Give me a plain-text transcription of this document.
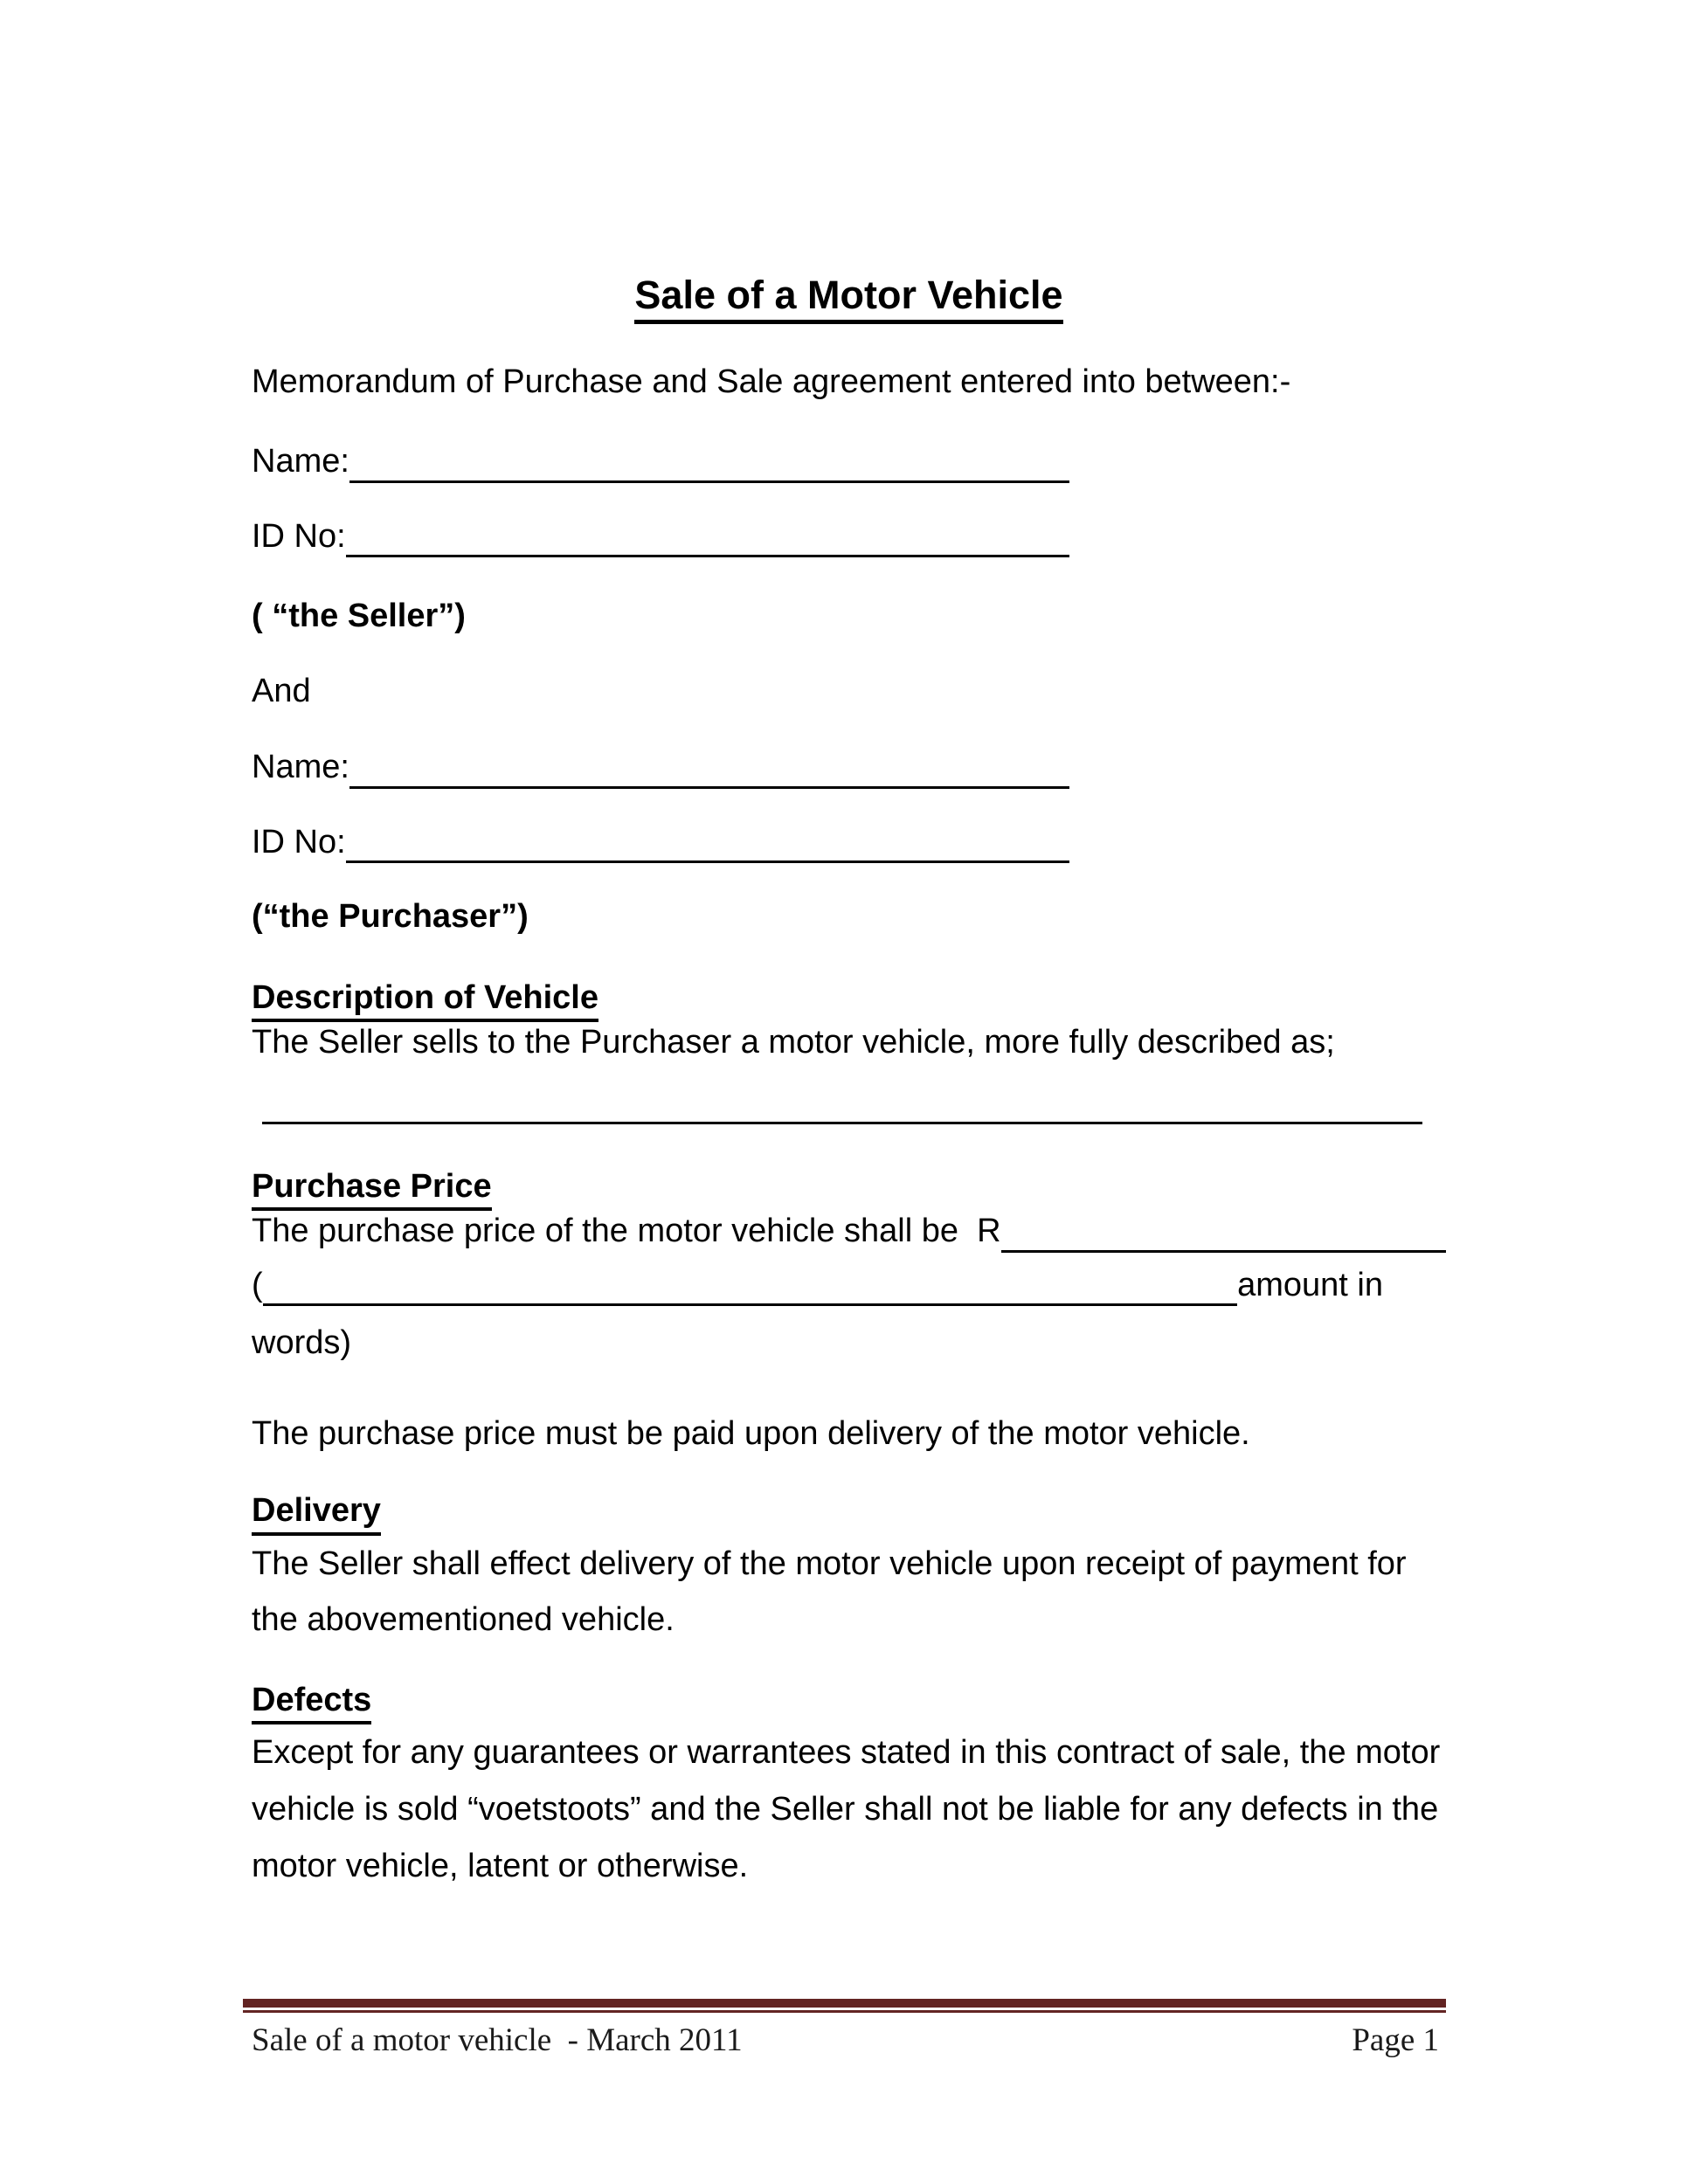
Sale of a Motor Vehicle

Memorandum of Purchase and Sale agreement entered into between:-

Name:
ID No:

( “the Seller”)

And

Name:
ID No:

(“the Purchaser”)

Description of Vehicle

The Seller sells to the Purchaser a motor vehicle, more fully described as;

Purchase Price

The purchase price of the motor vehicle shall be  R
(	amount in

words)

The purchase price must be paid upon delivery of the motor vehicle.

Delivery

The Seller shall effect delivery of the motor vehicle upon receipt of payment for
the abovementioned vehicle.

Defects

Except for any guarantees or warrantees stated in this contract of sale, the motor
vehicle is sold “voetstoots” and the Seller shall not be liable for any defects in the
motor vehicle, latent or otherwise.
Sale of a motor vehicle  - March 2011	Page 1
